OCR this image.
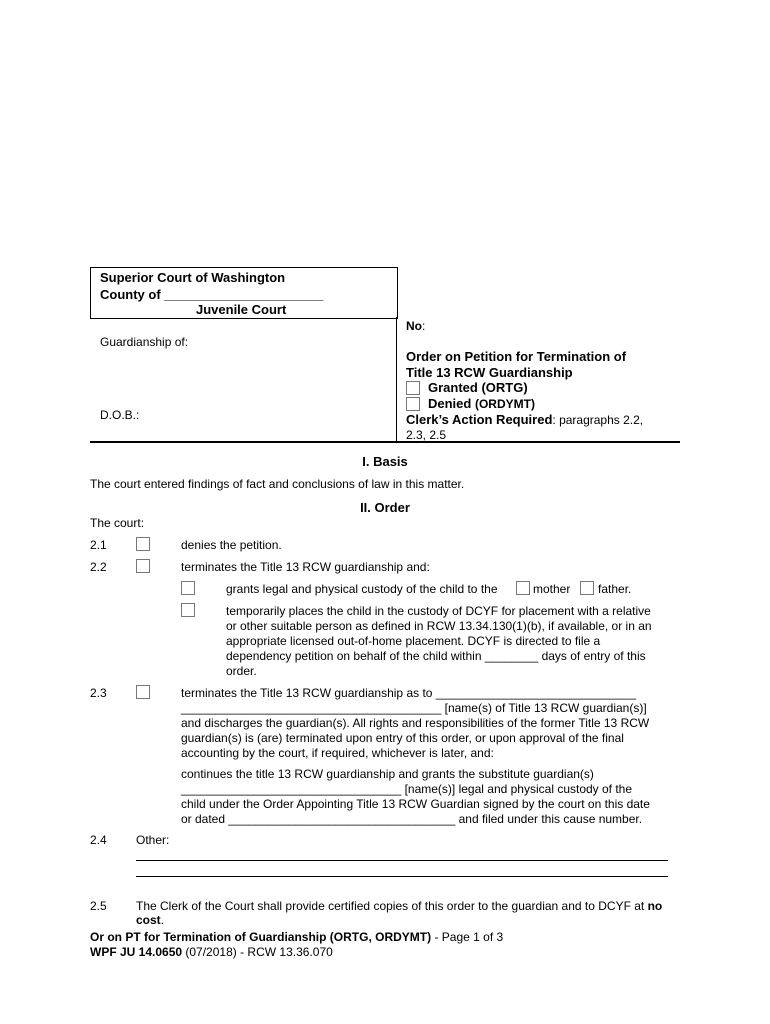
Superior Court of Washington
County of ______________________
Juvenile Court
Guardianship of:
D.O.B.:
No:
Order on Petition for Termination of
Title 13 RCW Guardianship
Granted (ORTG)
Denied (ORDYMT)
Clerk’s Action Required: paragraphs 2.2,
2.3, 2.5
I. Basis
The court entered findings of fact and conclusions of law in this matter.
II. Order
The court:
2.1	denies the petition.
2.2	terminates the Title 13 RCW guardianship and:
grants legal and physical custody of the child to the	mother father.
temporarily places the child in the custody of DCYF for placement with a relative
or other suitable person as defined in RCW 13.34.130(1)(b), if available, or in an
appropriate licensed out-of-home placement. DCYF is directed to file a
dependency petition on behalf of the child within ________ days of entry of this
order.
2.3	terminates the Title 13 RCW guardianship as to ______________________________
_______________________________________ [name(s) of Title 13 RCW guardian(s)]
and discharges the guardian(s). All rights and responsibilities of the former Title 13 RCW
guardian(s) is (are) terminated upon entry of this order, or upon approval of the final
accounting by the court, if required, whichever is later, and:
continues the title 13 RCW guardianship and grants the substitute guardian(s)
_________________________________ [name(s)] legal and physical custody of the
child under the Order Appointing Title 13 RCW Guardian signed by the court on this date
or dated __________________________________ and filed under this cause number.
2.4 Other:
2.5 The Clerk of the Court shall provide certified copies of this order to the guardian and to DCYF at no
cost.
Or on PT for Termination of Guardianship (ORTG, ORDYMT) - Page 1 of 3
WPF JU 14.0650 (07/2018) - RCW 13.36.070
